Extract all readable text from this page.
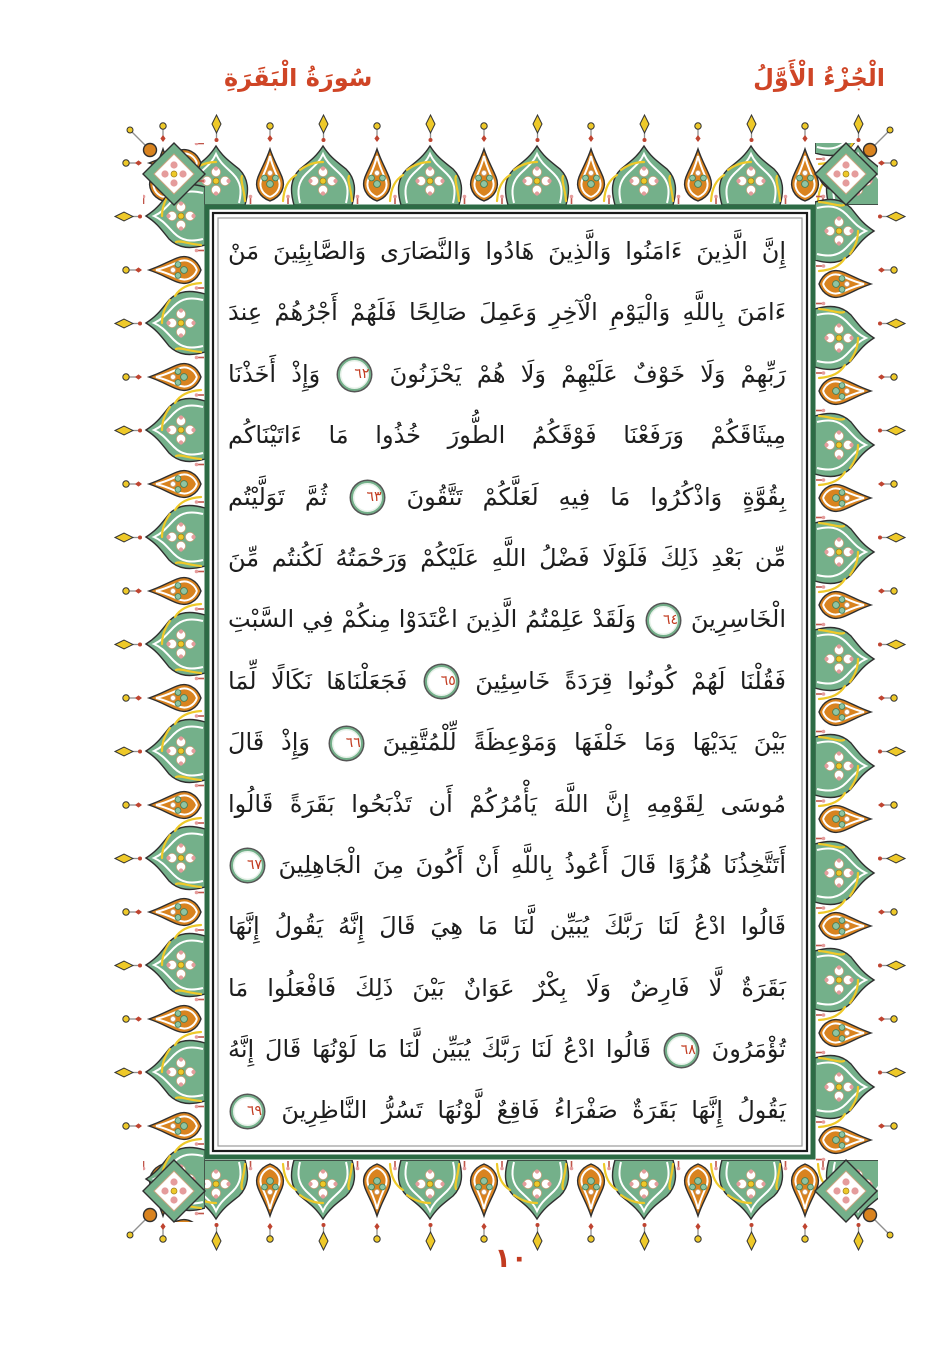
الْجُزْءُ الْأَوَّلُ
سُورَةُ الْبَقَرَةِ
إِنَّ الَّذِينَ ءَامَنُوا وَالَّذِينَ هَادُوا وَالنَّصَارَى وَالصَّابِئِينَ مَنْ
ءَامَنَ بِاللَّهِ وَالْيَوْمِ الْآخِرِ وَعَمِلَ صَالِحًا فَلَهُمْ أَجْرُهُمْ عِندَ
رَبِّهِمْ وَلَا خَوْفٌ عَلَيْهِمْ وَلَا هُمْ يَحْزَنُونَ ٦٢ وَإِذْ أَخَذْنَا
مِيثَاقَكُمْ وَرَفَعْنَا فَوْقَكُمُ الطُّورَ خُذُوا مَا ءَاتَيْنَاكُم
بِقُوَّةٍ وَاذْكُرُوا مَا فِيهِ لَعَلَّكُمْ تَتَّقُونَ ٦٣ ثُمَّ تَوَلَّيْتُم
مِّن بَعْدِ ذَلِكَ فَلَوْلَا فَضْلُ اللَّهِ عَلَيْكُمْ وَرَحْمَتُهُ لَكُنتُم مِّنَ
الْخَاسِرِينَ ٦٤ وَلَقَدْ عَلِمْتُمُ الَّذِينَ اعْتَدَوْا مِنكُمْ فِي السَّبْتِ
فَقُلْنَا لَهُمْ كُونُوا قِرَدَةً خَاسِئِينَ ٦٥ فَجَعَلْنَاهَا نَكَالًا لِّمَا
بَيْنَ يَدَيْهَا وَمَا خَلْفَهَا وَمَوْعِظَةً لِّلْمُتَّقِينَ ٦٦ وَإِذْ قَالَ
مُوسَى لِقَوْمِهِ إِنَّ اللَّهَ يَأْمُرُكُمْ أَن تَذْبَحُوا بَقَرَةً قَالُوا
أَتَتَّخِذُنَا هُزُوًا قَالَ أَعُوذُ بِاللَّهِ أَنْ أَكُونَ مِنَ الْجَاهِلِينَ ٦٧
قَالُوا ادْعُ لَنَا رَبَّكَ يُبَيِّن لَّنَا مَا هِيَ قَالَ إِنَّهُ يَقُولُ إِنَّهَا
بَقَرَةٌ لَّا فَارِضٌ وَلَا بِكْرٌ عَوَانٌ بَيْنَ ذَلِكَ فَافْعَلُوا مَا
تُؤْمَرُونَ ٦٨ قَالُوا ادْعُ لَنَا رَبَّكَ يُبَيِّن لَّنَا مَا لَوْنُهَا قَالَ إِنَّهُ
يَقُولُ إِنَّهَا بَقَرَةٌ صَفْرَاءُ فَاقِعٌ لَّوْنُهَا تَسُرُّ النَّاظِرِينَ ٦٩
١٠
